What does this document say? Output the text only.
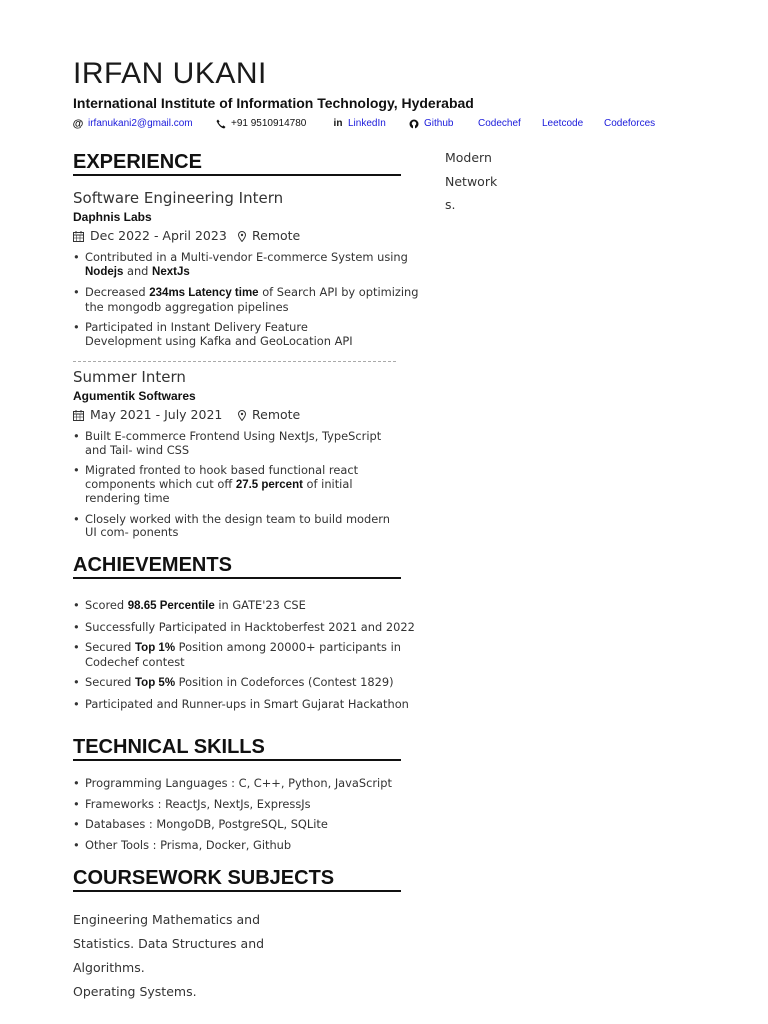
IRFAN UKANI
International Institute of Information Technology, Hyderabad
@ irfanukani2@gmail.com	+91 9510914780	in LinkedIn	Github Codechef Leetcode Codeforces
EXPERIENCE
Software Engineering Intern
Daphnis Labs
Dec 2022 - April 2023 Remote
• Contributed in a Multi-vendor E-commerce System using
Nodejs and NextJs
• Decreased 234ms Latency time of Search API by optimizing the mongodb aggregation pipelines
• Participated in Instant Delivery Feature Development using Kafka and GeoLocation API
Summer Intern
Agumentik Softwares
May 2021 - July 2021 Remote
• Built E-commerce Frontend Using NextJs, TypeScript and Tail- wind CSS
• Migrated fronted to hook based functional react components which cut off 27.5 percent of initial rendering time
• Closely worked with the design team to build modern UI com- ponents
ACHIEVEMENTS
• Scored 98.65 Percentile in GATE'23 CSE
• Successfully Participated in Hacktoberfest 2021 and 2022
• Secured Top 1% Position among 20000+ participants in Codechef contest
• Secured Top 5% Position in Codeforces (Contest 1829)
• Participated and Runner-ups in Smart Gujarat Hackathon
TECHNICAL SKILLS
• Programming Languages : C, C++, Python, JavaScript
• Frameworks : ReactJs, NextJs, ExpressJs
• Databases : MongoDB, PostgreSQL, SQLite
• Other Tools : Prisma, Docker, Github
COURSEWORK SUBJECTS
Engineering Mathematics and
Statistics. Data Structures and
Algorithms.
Operating Systems.
Modern
Network
s.
